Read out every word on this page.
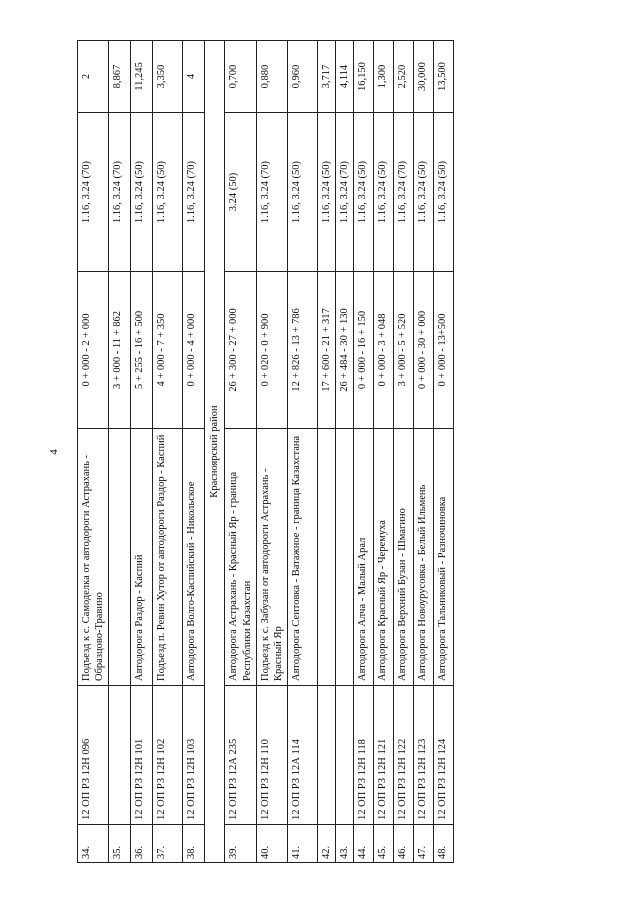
4
34.	12 ОП РЗ 12Н 096	Подъезд к с. Самоделка от автодороги Астрахань - Образцово-Травино	0 + 000 - 2 + 000	1.16, 3.24 (70)	2
35.			3 + 000 - 11 + 862	1.16, 3.24 (70)	8,867
36.	12 ОП РЗ 12Н 101	Автодорога Раздор - Каспий	5 + 255 - 16 + 500	1.16, 3.24 (50)	11,245
37.	12 ОП РЗ 12Н 102	Подъезд п. Ревин Хутор от автодороги Раздор - Каспий	4 + 000 - 7 + 350	1.16, 3.24 (50)	3,350
38.	12 ОП РЗ 12Н 103	Автодорога Волго-Каспийский - Никольское	0 + 000 - 4 + 000	1.16, 3.24 (70)	4
Красноярский район					
39.	12 ОП РЗ 12А 235	Автодорога Астрахань - Красный Яр - граница Республики Казахстан	26 + 300 - 27 + 000	3.24 (50)	0,700
40.	12 ОП РЗ 12Н 110	Подъезд к с. Забузан от автодороги Астрахань - Красный Яр	0 + 020 - 0 + 900	1.16, 3.24 (70)	0,880
41.	12 ОП РЗ 12А 114	Автодорога Сеитовка - Ватажное - граница Казахстана	12 + 826 - 13 + 786	1.16, 3.24 (50)	0,960
42.			17 + 600 - 21 + 317	1.16, 3.24 (50)	3,717
43.			26 + 484 - 30 + 130	1.16, 3.24 (70)	4,114
44.	12 ОП РЗ 12Н 118	Автодорога Алча - Малый Арал	0 + 000 - 16 + 150	1.16, 3.24 (50)	16,150
45.	12 ОП РЗ 12Н 121	Автодорога Красный Яр - Черемуха	0 + 000 - 3 + 048	1.16, 3.24 (50)	1,300
46.	12 ОП РЗ 12Н 122	Автодорога Верхний Бузан - Шмагино	3 + 000 - 5 + 520	1.16, 3.24 (70)	2,520
47.	12 ОП РЗ 12Н 123	Автодорога Новоурусовка - Белый Ильмень	0 + 000 - 30 + 000	1.16, 3.24 (50)	30,000
48.	12 ОП РЗ 12Н 124	Автодорога Тальниковый - Разночиновка	0 + 000 - 13+500	1.16, 3.24 (50)	13,500
